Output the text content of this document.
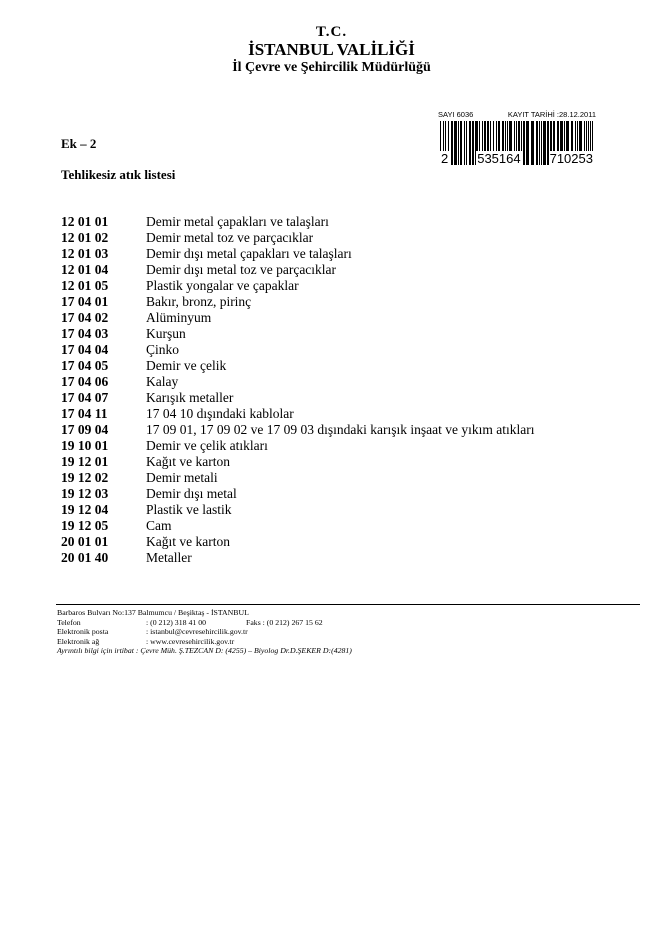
T.C.
İSTANBUL VALİLİĞİ
İl Çevre ve Şehircilik Müdürlüğü
SAYI 6036	KAYIT TARİHİ :28.12.2011
2 535164 710253
Ek – 2
Tehlikesiz atık listesi
12 01 01	Demir metal çapakları ve talaşları
12 01 02	Demir metal toz ve parçacıklar
12 01 03	Demir dışı metal çapakları ve talaşları
12 01 04	Demir dışı metal toz ve parçacıklar
12 01 05	Plastik yongalar ve çapaklar
17 04 01	Bakır, bronz, pirinç
17 04 02	Alüminyum
17 04 03	Kurşun
17 04 04	Çinko
17 04 05	Demir ve çelik
17 04 06	Kalay
17 04 07	Karışık metaller
17 04 11	17 04 10 dışındaki kablolar
17 09 04	17 09 01, 17 09 02 ve 17 09 03 dışındaki karışık inşaat ve yıkım atıkları
19 10 01	Demir ve çelik atıkları
19 12 01	Kağıt ve karton
19 12 02	Demir metali
19 12 03	Demir dışı metal
19 12 04	Plastik ve lastik
19 12 05	Cam
20 01 01	Kağıt ve karton
20 01 40	Metaller
Barbaros Bulvarı No:137 Balmumcu / Beşiktaş - İSTANBUL
Telefon	: (0 212) 318 41 00	Faks : (0 212) 267 15 62
Elektronik posta	: istanbul@cevresehircilik.gov.tr
Elektronik ağ	: www.cevresehircilik.gov.tr
Ayrıntılı bilgi için irtibat : Çevre Müh. Ş.TEZCAN D: (4255) – Biyolog Dr.D.ŞEKER D:(4281)
